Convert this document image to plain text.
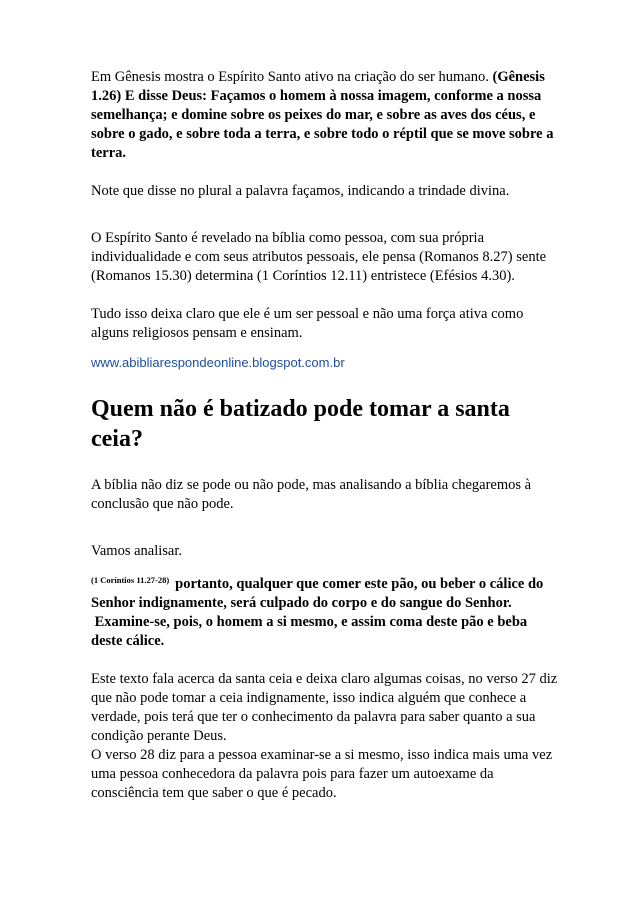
Em Gênesis mostra o Espírito Santo ativo na criação do ser humano. (Gênesis 1.26) E disse Deus: Façamos o homem à nossa imagem, conforme a nossa semelhança; e domine sobre os peixes do mar, e sobre as aves dos céus, e sobre o gado, e sobre toda a terra, e sobre todo o réptil que se move sobre a terra.

Note que disse no plural a palavra façamos, indicando a trindade divina.

O Espírito Santo é revelado na bíblia como pessoa, com sua própria individualidade e com seus atributos pessoais, ele pensa (Romanos 8.27) sente (Romanos 15.30) determina (1 Coríntios 12.11) entristece (Efésios 4.30).

Tudo isso deixa claro que ele é um ser pessoal e não uma força ativa como alguns religiosos pensam e ensinam.

www.abibliarespondeonline.blogspot.com.br

Quem não é batizado pode tomar a santa ceia?

A bíblia não diz se pode ou não pode, mas analisando a bíblia chegaremos à conclusão que não pode.

Vamos analisar.

$^{(1 Coríntios 11.27-28)}$ portanto, qualquer que comer este pão, ou beber o cálice do Senhor indignamente, será culpado do corpo e do sangue do Senhor.

Examine-se, pois, o homem a si mesmo, e assim coma deste pão e beba deste cálice.

Este texto fala acerca da santa ceia e deixa claro algumas coisas, no verso 27 diz que não pode tomar a ceia indignamente, isso indica alguém que conhece a verdade, pois terá que ter o conhecimento da palavra para saber quanto a sua condição perante Deus.

O verso 28 diz para a pessoa examinar-se a si mesmo, isso indica mais uma vez uma pessoa conhecedora da palavra pois para fazer um autoexame da consciência tem que saber o que é pecado.
